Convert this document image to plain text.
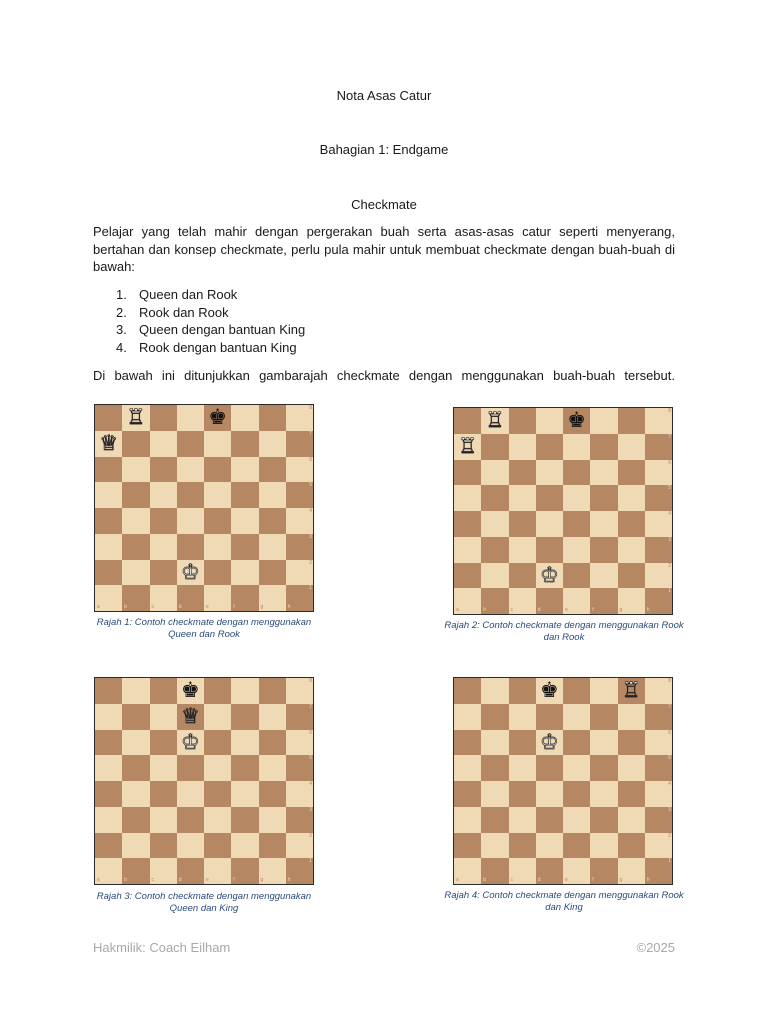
Nota Asas Catur
Bahagian 1: Endgame
Checkmate
Pelajar yang telah mahir dengan pergerakan buah serta asas-asas catur seperti menyerang, bertahan dan konsep checkmate, perlu pula mahir untuk membuat checkmate dengan buah-buah di bawah:
1. Queen dan Rook
2. Rook dan Rook
3. Queen dengan bantuan King
4. Rook dengan bantuan King
Di bawah ini ditunjukkan gambarajah checkmate dengan menggunakan buah-buah tersebut.
♖	♚	8
♕	7
6
5
4
3
♔	2
a	b	c	d	e	f	g
1
h
Rajah 1: Contoh checkmate dengan menggunakan Queen dan Rook
♖	♚	8
♖	7
6
5
4
3
♔	2
a	b	c	d	e	f	g
1
h
Rajah 2: Contoh checkmate dengan menggunakan Rook dan Rook
♚	8
♕	7
♔	6
5
4
3
2
a	b	c	d	e	f	g
1
h
Rajah 3: Contoh checkmate dengan menggunakan Queen dan King
♚	♖	8
7
♔	6
5
4
3
2
a	b	c	d	e	f	g
1
h
Rajah 4: Contoh checkmate dengan menggunakan Rook dan King
Hakmilik: Coach Eilham	©2025
